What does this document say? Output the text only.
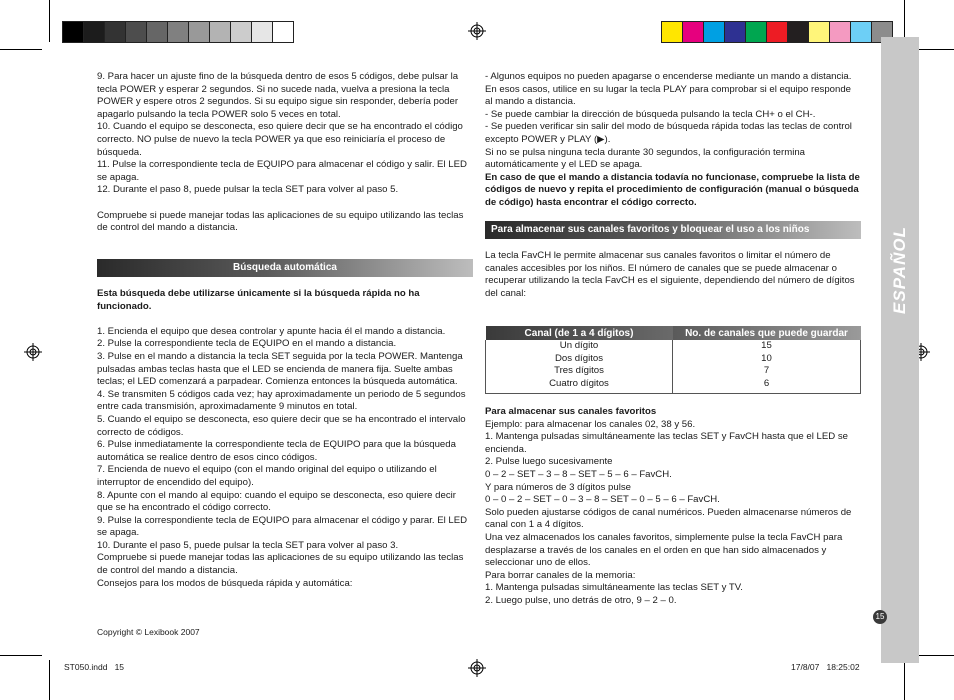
ESPAÑOL

9. Para hacer un ajuste fino de la búsqueda dentro de esos 5 códigos, debe pulsar la tecla POWER y esperar 2 segundos. Si no sucede nada, vuelva a presiona la tecla POWER y espere otros 2 segundos. Si su equipo sigue sin responder, debería poder apagarlo pulsando la tecla POWER solo 5 veces en total.

10. Cuando el equipo se desconecta, eso quiere decir que se ha encontrado el código correcto. NO pulse de nuevo la tecla POWER ya que eso reiniciaría el proceso de búsqueda.

11. Pulse la correspondiente tecla de EQUIPO para almacenar el código y salir. El LED se apaga.

12. Durante el paso 8, puede pulsar la tecla SET para volver al paso 5.

Compruebe si puede manejar todas las aplicaciones de su equipo utilizando las teclas de control del mando a distancia.

Búsqueda automática

Esta búsqueda debe utilizarse únicamente si la búsqueda rápida no ha funcionado.

1. Encienda el equipo que desea controlar y apunte hacia él el mando a distancia.

2. Pulse la correspondiente tecla de EQUIPO en el mando a distancia.

3. Pulse en el mando a distancia la tecla SET seguida por la tecla POWER. Mantenga pulsadas ambas teclas hasta que el LED se encienda de manera fija. Suelte ambas teclas; el LED comenzará a parpadear. Comienza entonces la búsqueda automática.

4. Se transmiten 5 códigos cada vez; hay aproximadamente un periodo de 5 segundos entre cada transmisión, aproximadamente 9 minutos en total.

5. Cuando el equipo se desconecta, eso quiere decir que se ha encontrado el intervalo correcto de códigos.

6. Pulse inmediatamente la correspondiente tecla de EQUIPO para que la búsqueda automática se realice dentro de esos cinco códigos.

7. Encienda de nuevo el equipo (con el mando original del equipo o utilizando el interruptor de encendido del equipo).

8. Apunte con el mando al equipo: cuando el equipo se desconecta, eso quiere decir que se ha encontrado el código correcto.

9. Pulse la correspondiente tecla de EQUIPO para almacenar el código y parar. El LED se apaga.

10. Durante el paso 5, puede pulsar la tecla SET para volver al paso 3.

Compruebe si puede manejar todas las aplicaciones de su equipo utilizando las teclas de control del mando a distancia.

Consejos para los modos de búsqueda rápida y automática:

Copyright © Lexibook 2007

- Algunos equipos no pueden apagarse o encenderse mediante un mando a distancia. En esos casos, utilice en su lugar la tecla PLAY para comprobar si el equipo responde al mando a distancia.

- Se puede cambiar la dirección de búsqueda pulsando la tecla CH+ o el CH-.

- Se pueden verificar sin salir del modo de búsqueda rápida todas las teclas de control excepto POWER y PLAY (▶).

Si no se pulsa ninguna tecla durante 30 segundos, la configuración termina automáticamente y el LED se apaga.

En caso de que el mando a distancia todavía no funcionase, compruebe la lista de códigos de nuevo y repita el procedimiento de configuración (manual o búsqueda de código) hasta encontrar el código correcto.

Para almacenar sus canales favoritos y bloquear el uso a los niños
La tecla FavCH le permite almacenar sus canales favoritos o limitar el número de canales accesibles por los niños. El número de canales que se puede almacenar o recuperar utilizando la tecla FavCH es el siguiente, dependiendo del número de dígitos del canal:
Canal (de 1 a 4 dígitos)	No. de canales que puede guardar
Un dígito	15
Dos dígitos	10
Tres dígitos	7
Cuatro dígitos	6

Para almacenar sus canales favoritos

Ejemplo: para almacenar los canales 02, 38 y 56.

1. Mantenga pulsadas simultáneamente las teclas SET y FavCH hasta que el LED se encienda.

2. Pulse luego sucesivamente

0 – 2 – SET – 3 – 8 – SET – 5 – 6 – FavCH.

Y para números de 3 dígitos pulse

0 – 0 – 2 – SET – 0 – 3 – 8 – SET – 0 – 5 – 6 – FavCH.

Solo pueden ajustarse códigos de canal numéricos. Pueden almacenarse números de canal con 1 a 4 dígitos.

Una vez almacenados los canales favoritos, simplemente pulse la tecla FavCH para desplazarse a través de los canales en el orden en que han sido almacenados y seleccionar uno de ellos.

Para borrar canales de la memoria:

1. Mantenga pulsadas simultáneamente las teclas SET y TV.

2. Luego pulse, uno detrás de otro, 9 – 2 – 0.

15
ST050.indd 15	17/8/07 18:25:02
